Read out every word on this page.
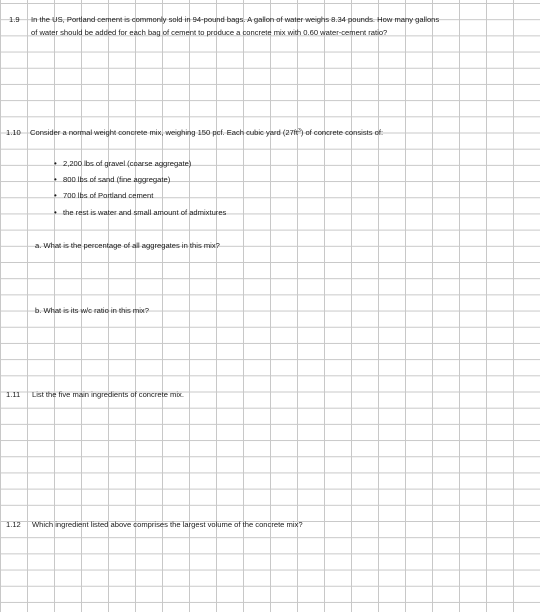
1.9 In the US, Portland cement is commonly sold in 94-pound bags. A gallon of water weighs 8.34 pounds. How many gallons
of water should be added for each bag of cement to produce a concrete mix with 0.60 water-cement ratio?
1.10 Consider a normal weight concrete mix, weighing 150 pcf. Each cubic yard $(27ft^3)$ of concrete consists of:
• 2,200 lbs of gravel (coarse aggregate)
• 800 lbs of sand (fine aggregate)
• 700 lbs of Portland cement
• the rest is water and small amount of admixtures
a. What is the percentage of all aggregates in this mix?
b. What is its w/c ratio in this mix?
1.11 List the five main ingredients of concrete mix.
1.12 Which ingredient listed above comprises the largest volume of the concrete mix?
